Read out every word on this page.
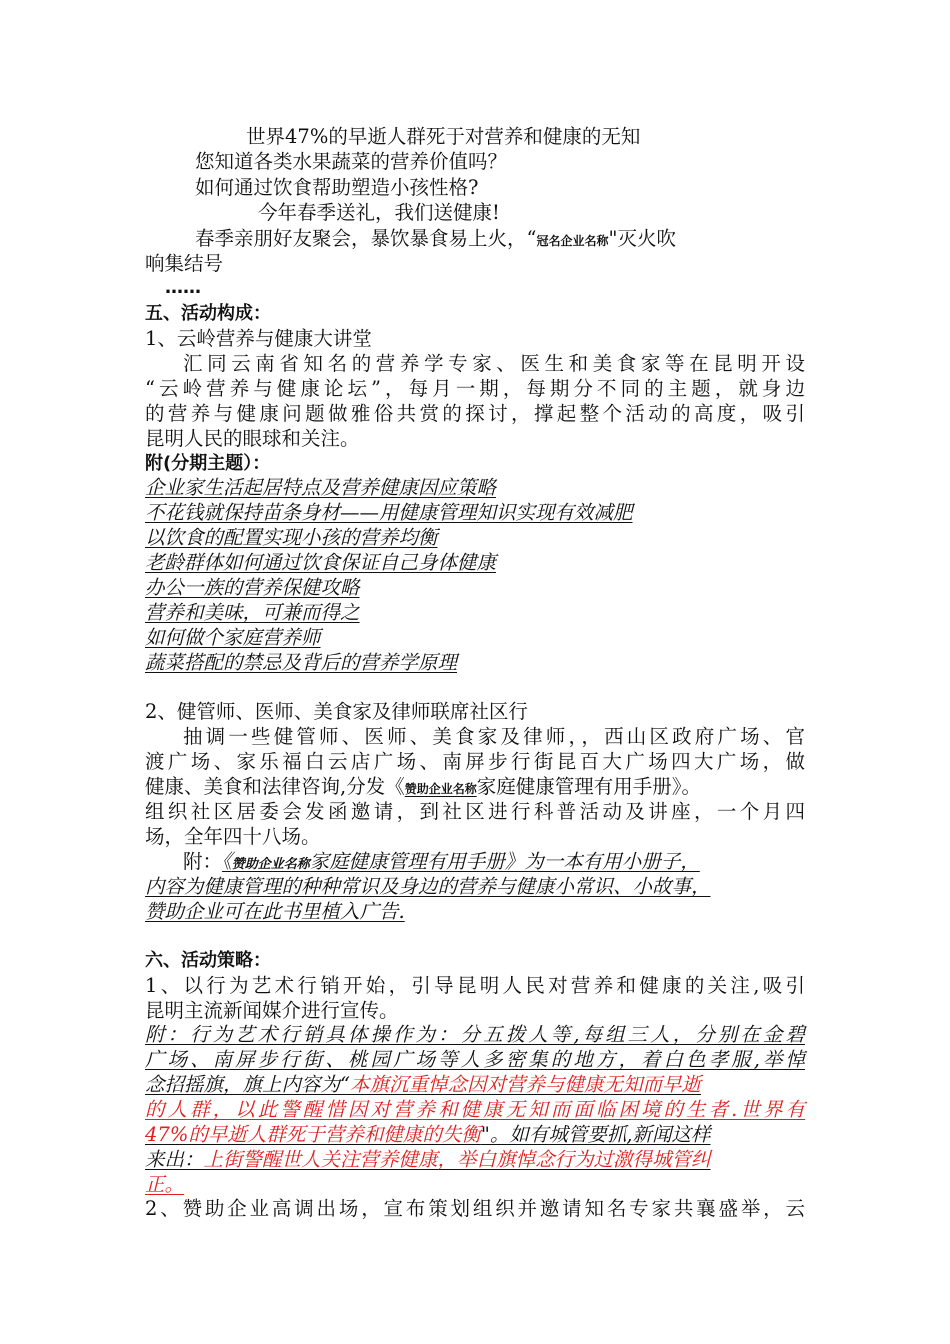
世界47%的早逝人群死于对营养和健康的无知

您知道各类水果蔬菜的营养价值吗？

如何通过饮食帮助塑造小孩性格?

今年春季送礼，我们送健康!

春季亲朋好友聚会，暴饮暴食易上火，“冠名企业名称"灭火吹

响集结号

……

五、活动构成：

1、云岭营养与健康大讲堂

汇同云南省知名的营养学专家、医生和美食家等在昆明开设

“云岭营养与健康论坛”，每月一期，每期分不同的主题，就身边

的营养与健康问题做雅俗共赏的探讨，撑起整个活动的高度，吸引

昆明人民的眼球和关注。

附(分期主题）：

企业家生活起居特点及营养健康因应策略

不花钱就保持苗条身材——用健康管理知识实现有效减肥

以饮食的配置实现小孩的营养均衡

老龄群体如何通过饮食保证自己身体健康

办公一族的营养保健攻略

营养和美味，可兼而得之

如何做个家庭营养师

蔬菜搭配的禁忌及背后的营养学原理

2、健管师、医师、美食家及律师联席社区行

抽调一些健管师、医师、美食家及律师，，西山区政府广场、官

渡广场、家乐福白云店广场、南屏步行街昆百大广场四大广场，做

健康、美食和法律咨询,分发《赞助企业名称家庭健康管理有用手册》。

组织社区居委会发函邀请，到社区进行科普活动及讲座，一个月四

场，全年四十八场。

附：《赞助企业名称家庭健康管理有用手册》为一本有用小册子，

内容为健康管理的种种常识及身边的营养与健康小常识、小故事，

赞助企业可在此书里植入广告.

六、活动策略：

1、以行为艺术行销开始，引导昆明人民对营养和健康的关注,吸引

昆明主流新闻媒介进行宣传。

附：行为艺术行销具体操作为：分五拨人等,每组三人，分别在金碧

广场、南屏步行街、桃园广场等人多密集的地方，着白色孝服,举悼

念招摇旗，旗上内容为“本旗沉重悼念因对营养与健康无知而早逝

的人群，以此警醒惜因对营养和健康无知而面临困境的生者.世界有

47%的早逝人群死于营养和健康的失衡"。如有城管要抓,新闻这样

来出：上街警醒世人关注营养健康，举白旗悼念行为过激得城管纠

正。

2、赞助企业高调出场，宣布策划组织并邀请知名专家共襄盛举，云
